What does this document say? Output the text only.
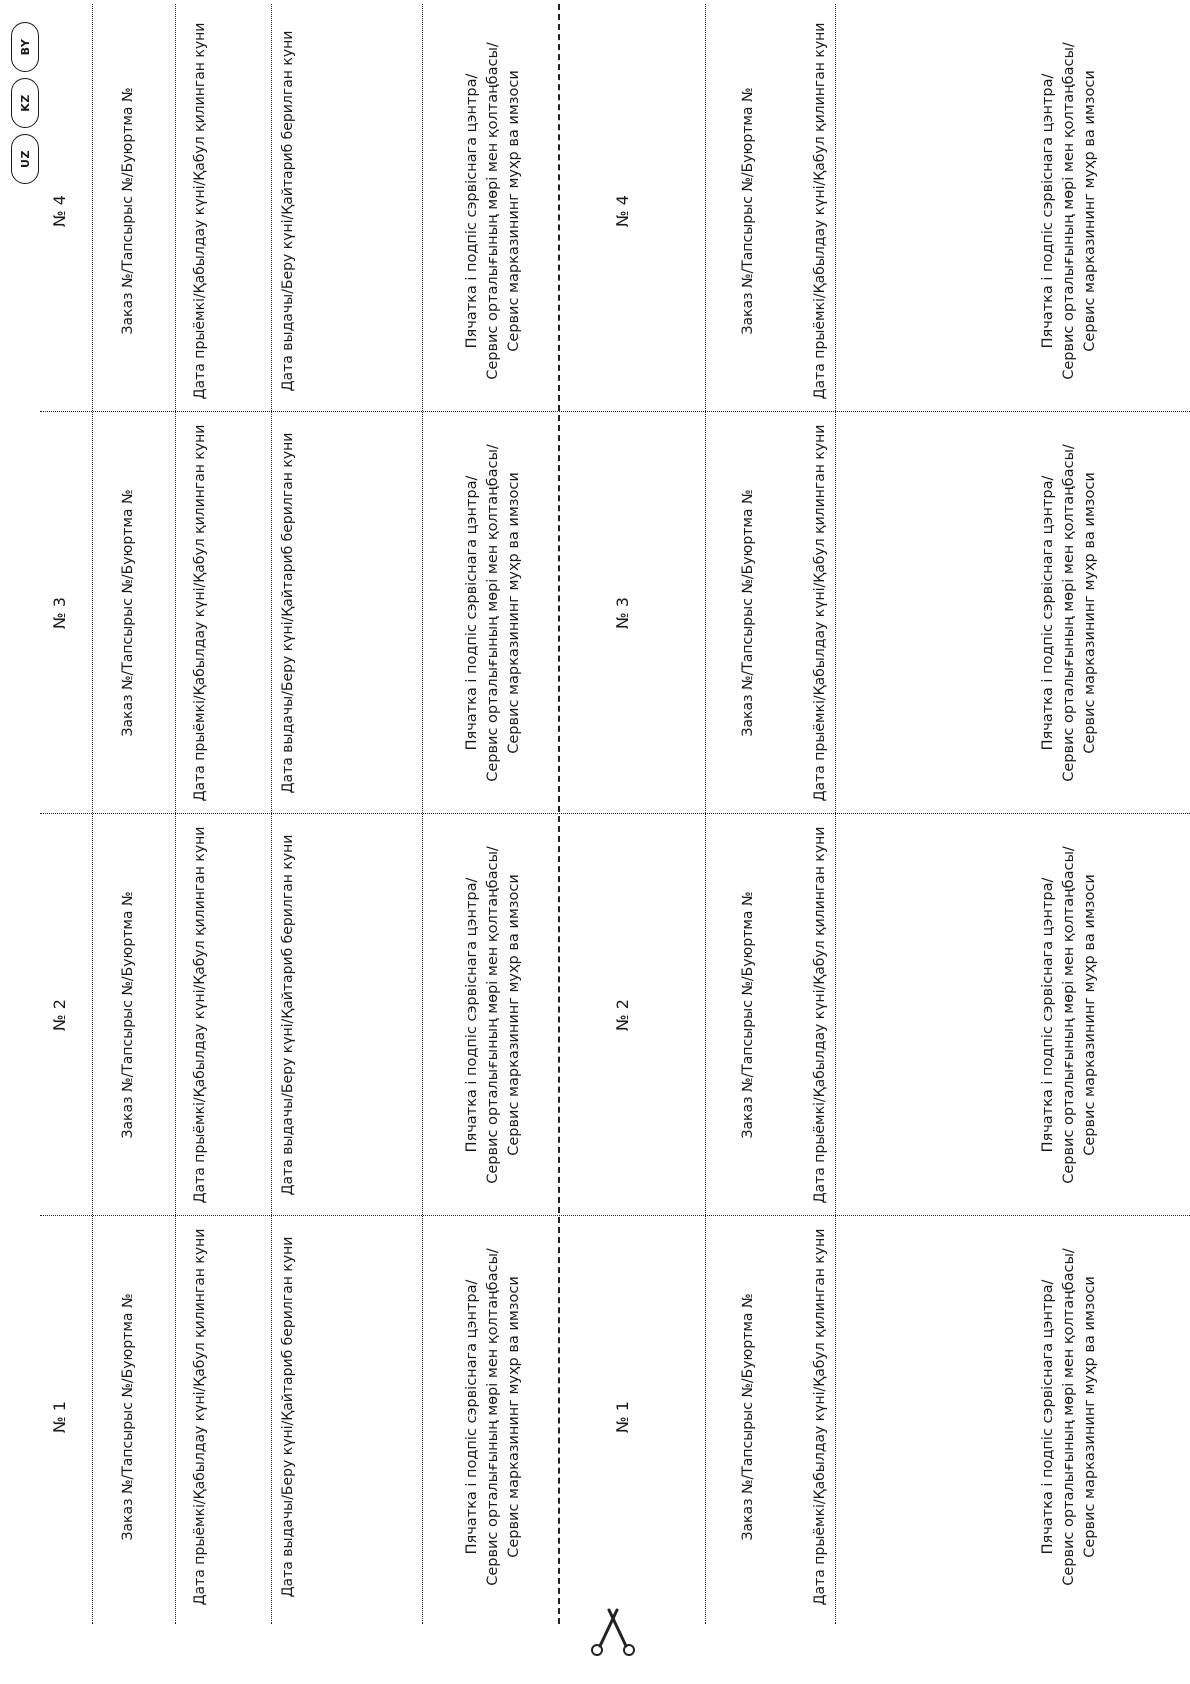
UZ
KZ
BY
№ 1	Заказ №/Тапсырыс №/Буюртма №	Дата прыёмкі/Қабылдау күні/Қабул қилинган куни	Дата выдачы/Беру күні/Қайтариб берилган куни	Пячатка і подпіс сэрвіснага цэнтра/ Сервис орталығының мөрі мен қолтаңбасы/ Сервис марказининг муҳр ва имзоси	№ 1	Заказ №/Тапсырыс №/Буюртма №	Дата прыёмкі/Қабылдау күні/Қабул қилинган куни	Пячатка і подпіс сэрвіснага цэнтра/ Сервис орталығының мөрі мен қолтаңбасы/ Сервис марказининг муҳр ва имзоси
№ 2	Заказ №/Тапсырыс №/Буюртма №	Дата прыёмкі/Қабылдау күні/Қабул қилинган куни	Дата выдачы/Беру күні/Қайтариб берилган куни	Пячатка і подпіс сэрвіснага цэнтра/ Сервис орталығының мөрі мен қолтаңбасы/ Сервис марказининг муҳр ва имзоси	№ 2	Заказ №/Тапсырыс №/Буюртма №	Дата прыёмкі/Қабылдау күні/Қабул қилинган куни	Пячатка і подпіс сэрвіснага цэнтра/ Сервис орталығының мөрі мен қолтаңбасы/ Сервис марказининг муҳр ва имзоси
№ 3	Заказ №/Тапсырыс №/Буюртма №	Дата прыёмкі/Қабылдау күні/Қабул қилинган куни	Дата выдачы/Беру күні/Қайтариб берилган куни	Пячатка і подпіс сэрвіснага цэнтра/ Сервис орталығының мөрі мен қолтаңбасы/ Сервис марказининг муҳр ва имзоси	№ 3	Заказ №/Тапсырыс №/Буюртма №	Дата прыёмкі/Қабылдау күні/Қабул қилинган куни	Пячатка і подпіс сэрвіснага цэнтра/ Сервис орталығының мөрі мен қолтаңбасы/ Сервис марказининг муҳр ва имзоси
№ 4	Заказ №/Тапсырыс №/Буюртма №	Дата прыёмкі/Қабылдау күні/Қабул қилинган куни	Дата выдачы/Беру күні/Қайтариб берилган куни	Пячатка і подпіс сэрвіснага цэнтра/ Сервис орталығының мөрі мен қолтаңбасы/ Сервис марказининг муҳр ва имзоси	№ 4	Заказ №/Тапсырыс №/Буюртма №	Дата прыёмкі/Қабылдау күні/Қабул қилинган куни	Пячатка і подпіс сэрвіснага цэнтра/ Сервис орталығының мөрі мен қолтаңбасы/ Сервис марказининг муҳр ва имзоси
